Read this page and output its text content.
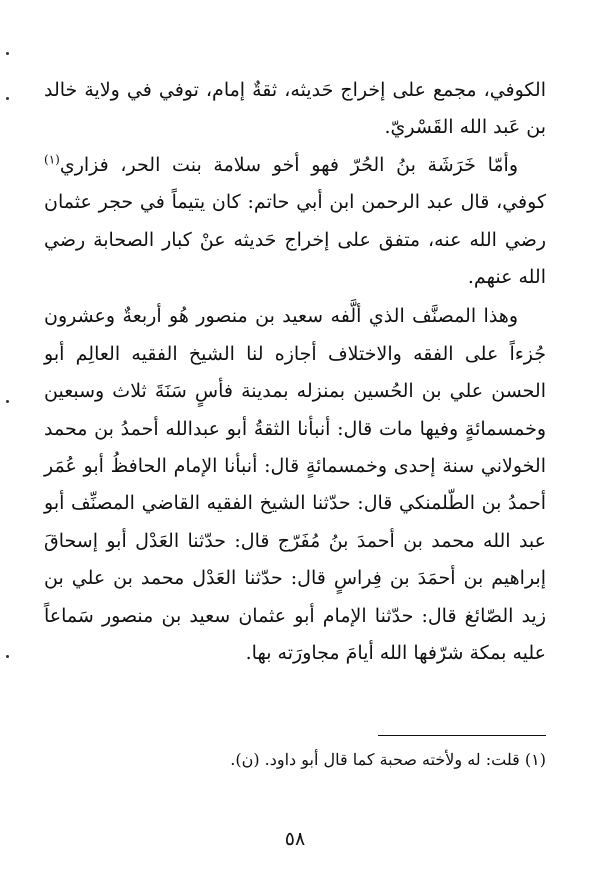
الكوفي، مجمع على إخراج حَديثه، ثقةٌ إمام، توفي في ولاية خالد بن عَبد الله القَسْريّ.

وأمّا خَرَشَة بنُ الحُرّ فهو أخو سلامة بنت الحر، فزاري$^{(١)}$ كوفي، قال عبد الرحمن ابن أبي حاتم: كان يتيماً في حجر عثمان رضي الله عنه، متفق على إخراج حَديثه عنْ كبار الصحابة رضي الله عنهم.

وهذا المصنَّف الذي ألَّفه سعيد بن منصور هُو أربعةٌ وعشرون جُزءاً على الفقه والاختلاف أجازه لنا الشيخ الفقيه العالِم أبو الحسن علي بن الحُسين بمنزله بمدينة فأسٍ سَنَةَ ثلاث وسبعين وخمسمائةٍ وفيها مات قال: أنبأنا الثقةُ أبو عبدالله أحمدُ بن محمد الخولاني سنة إحدى وخمسمائةٍ قال: أنبأنا الإمام الحافظُ أبو عُمَر أحمدُ بن الطّلمنكي قال: حدّثنا الشيخ الفقيه القاضي المصنِّف أبو عبد الله محمد بن أحمدَ بنُ مُفَرّج قال: حدّثنا العَدْل أبو إسحاقَ إبراهيم بن أحمَدَ بن فِراسٍ قال: حدّثنا العَدْل محمد بن علي بن زيد الصّائغ قال: حدّثنا الإمام أبو عثمان سعيد بن منصور سَماعاً عليه بمكة شرّفها الله أيامَ مجاورَته بها.

(١) قلت: له ولأخته صحبة كما قال أبو داود. (ن).
٥٨
